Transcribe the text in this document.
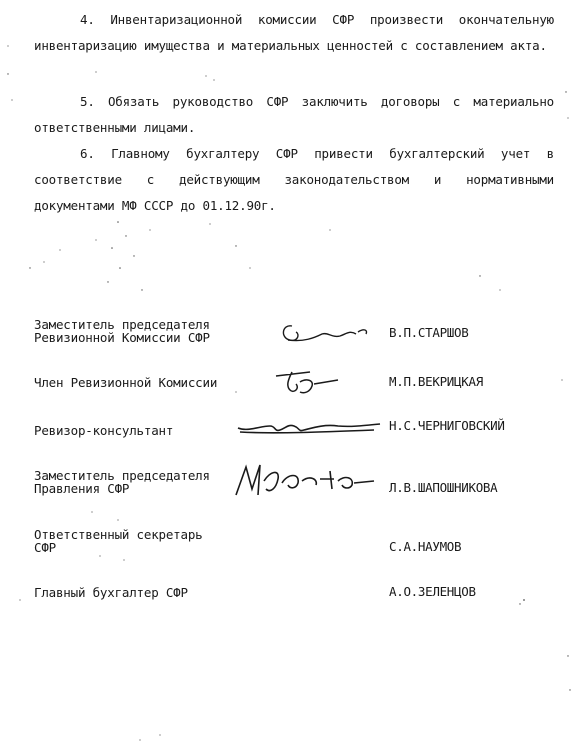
4. Инвентаризационной комиссии СФР произвести окончательную инвентаризацию имущества и материальных ценностей с составлением акта.

5. Обязать руководство СФР заключить договоры с материально ответственными лицами.

6. Главному бухгалтеру СФР привести бухгалтерский учет в соответствие с действующим законодательством и нормативными документами МФ СССР до 01.12.90г.

Заместитель председателя
Ревизионной Комиссии СФР	В.П.СТАРШОВ
Член Ревизионной Комиссии	М.П.ВЕКРИЦКАЯ
Ревизор-консультант	Н.С.ЧЕРНИГОВСКИЙ
Заместитель председателя
Правления СФР	Л.В.ШАПОШНИКОВА
Ответственный секретарь
СФР	С.А.НАУМОВ
Главный бухгалтер СФР	А.О.ЗЕЛЕНЦОВ
